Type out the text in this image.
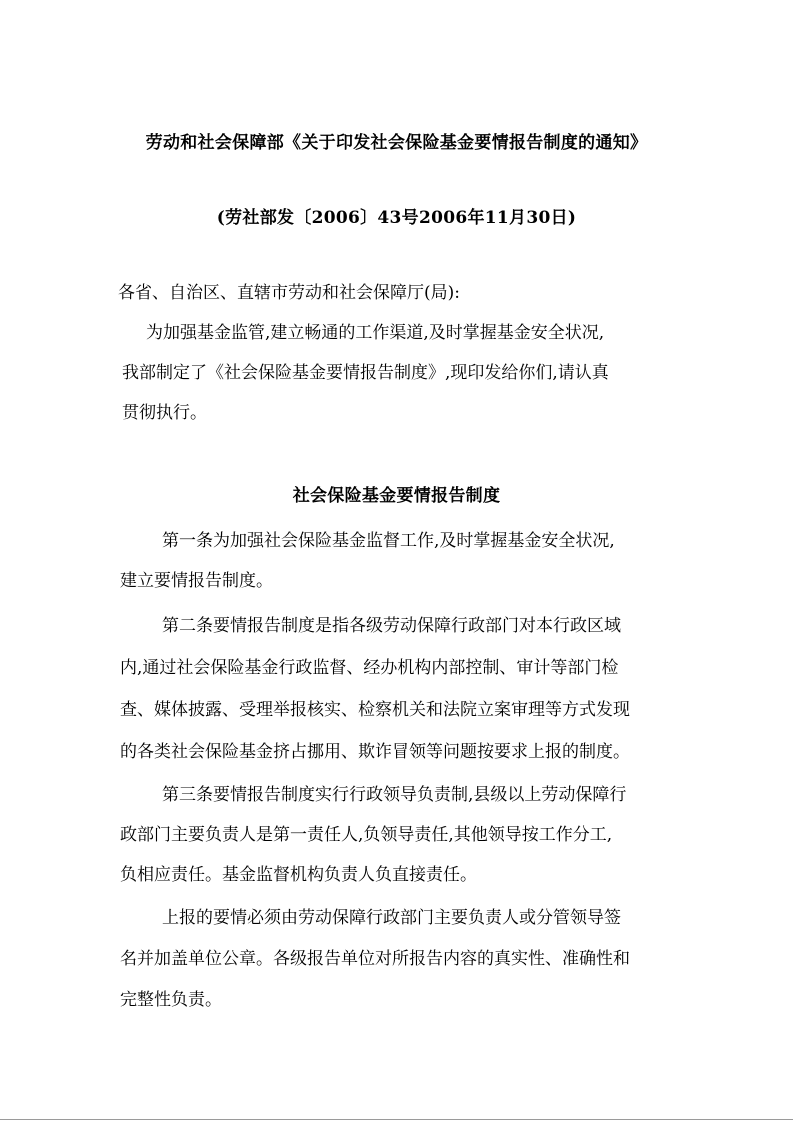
劳动和社会保障部《关于印发社会保险基金要情报告制度的通知》
(劳社部发〔2006〕43号2006年11月30日)
各省、自治区、直辖市劳动和社会保障厅(局):
为加强基金监管,建立畅通的工作渠道,及时掌握基金安全状况,
我部制定了《社会保险基金要情报告制度》,现印发给你们,请认真
贯彻执行。
社会保险基金要情报告制度
第一条为加强社会保险基金监督工作,及时掌握基金安全状况,
建立要情报告制度。
第二条要情报告制度是指各级劳动保障行政部门对本行政区域
内,通过社会保险基金行政监督、经办机构内部控制、审计等部门检
查、媒体披露、受理举报核实、检察机关和法院立案审理等方式发现
的各类社会保险基金挤占挪用、欺诈冒领等问题按要求上报的制度。
第三条要情报告制度实行行政领导负责制,县级以上劳动保障行
政部门主要负责人是第一责任人,负领导责任,其他领导按工作分工,
负相应责任。基金监督机构负责人负直接责任。
上报的要情必须由劳动保障行政部门主要负责人或分管领导签
名并加盖单位公章。各级报告单位对所报告内容的真实性、准确性和
完整性负责。
